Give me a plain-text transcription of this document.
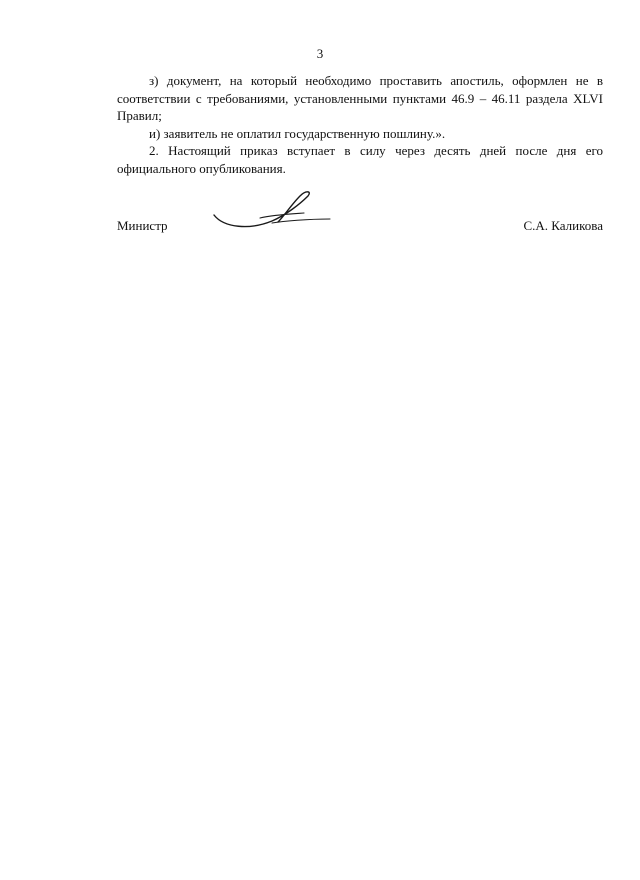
3

з) документ, на который необходимо проставить апостиль, оформлен не в соответствии с требованиями, установленными пунктами 46.9 – 46.11 раздела XLVI Правил;

и) заявитель не оплатил государственную пошлину.».

2. Настоящий приказ вступает в силу через десять дней после дня его официального опубликования.

Министр	С.А. Каликова
